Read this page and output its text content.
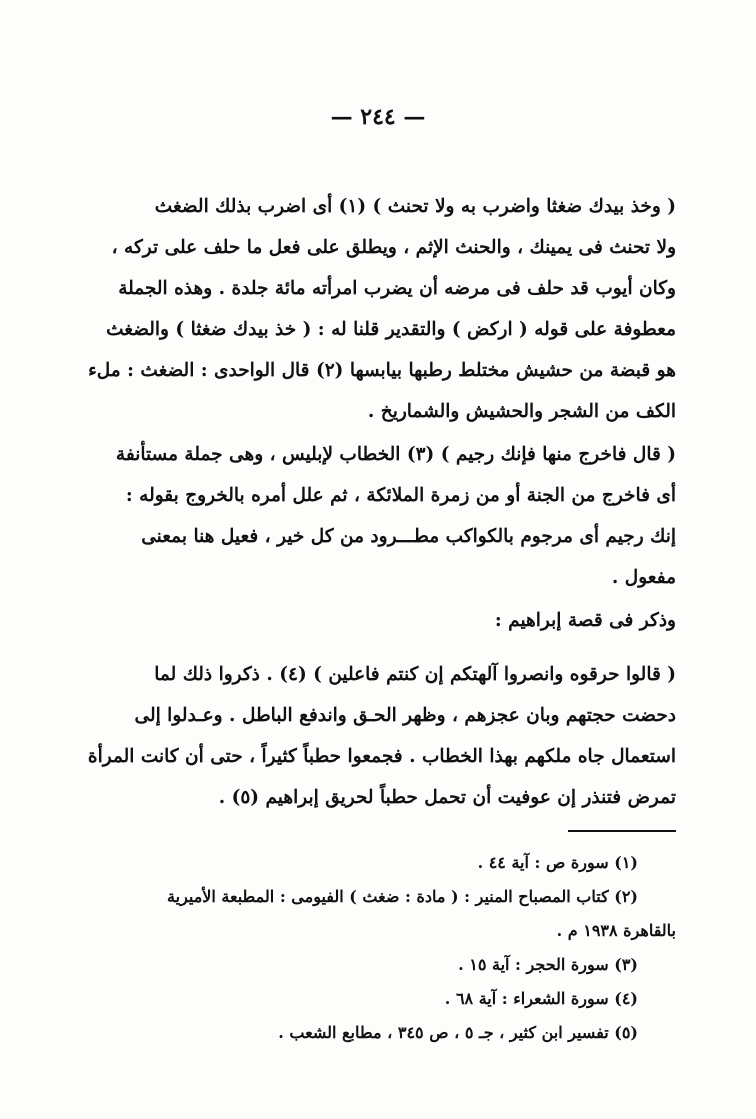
— ٢٤٤ —
( وخذ بيدك ضغثا واضرب به ولا تحنث ) (١) أى اضرب بذلك الضغث
ولا تحنث فى يمينك ، والحنث الإثم ، ويطلق على فعل ما حلف على تركه ،
وكان أيوب قد حلف فى مرضه أن يضرب امرأته مائة جلدة . وهذه الجملة
معطوفة على قوله ( اركض ) والتقدير قلنا له : ( خذ بيدك ضغثا ) والضغث
هو قبضة من حشيش مختلط رطبها بيابسها (٢) قال الواحدى : الضغث : ملء
الكف من الشجر والحشيش والشماريخ .
( قال فاخرج منها فإنك رجيم ) (٣) الخطاب لإبليس ، وهى جملة مستأنفة
أى فاخرج من الجنة أو من زمرة الملائكة ، ثم علل أمره بالخروج بقوله :
إنك رجيم أى مرجوم بالكواكب مطـــرود من كل خير ، فعيل هنا بمعنى
مفعول .
وذكر فى قصة إبراهيم :
( قالوا حرقوه وانصروا آلهتكم إن كنتم فاعلين ) (٤) . ذكروا ذلك لما
دحضت حجتهم وبان عجزهم ، وظهر الحـق واندفع الباطل . وعـدلوا إلى
استعمال جاه ملكهم بهذا الخطاب . فجمعوا حطباً كثيراً ، حتى أن كانت المرأة
تمرض فتنذر إن عوفيت أن تحمل حطباً لحريق إبراهيم (٥) .
(١) سورة ص : آية ٤٤ .
(٢) كتاب المصباح المنير : ( مادة : ضغث ) الفيومى : المطبعة الأميرية
بالقاهرة ١٩٣٨ م .
(٣) سورة الحجر : آية ١٥ .
(٤) سورة الشعراء : آية ٦٨ .
(٥) تفسير ابن كثير ، جـ ٥ ، ص ٣٤٥ ، مطابع الشعب .
